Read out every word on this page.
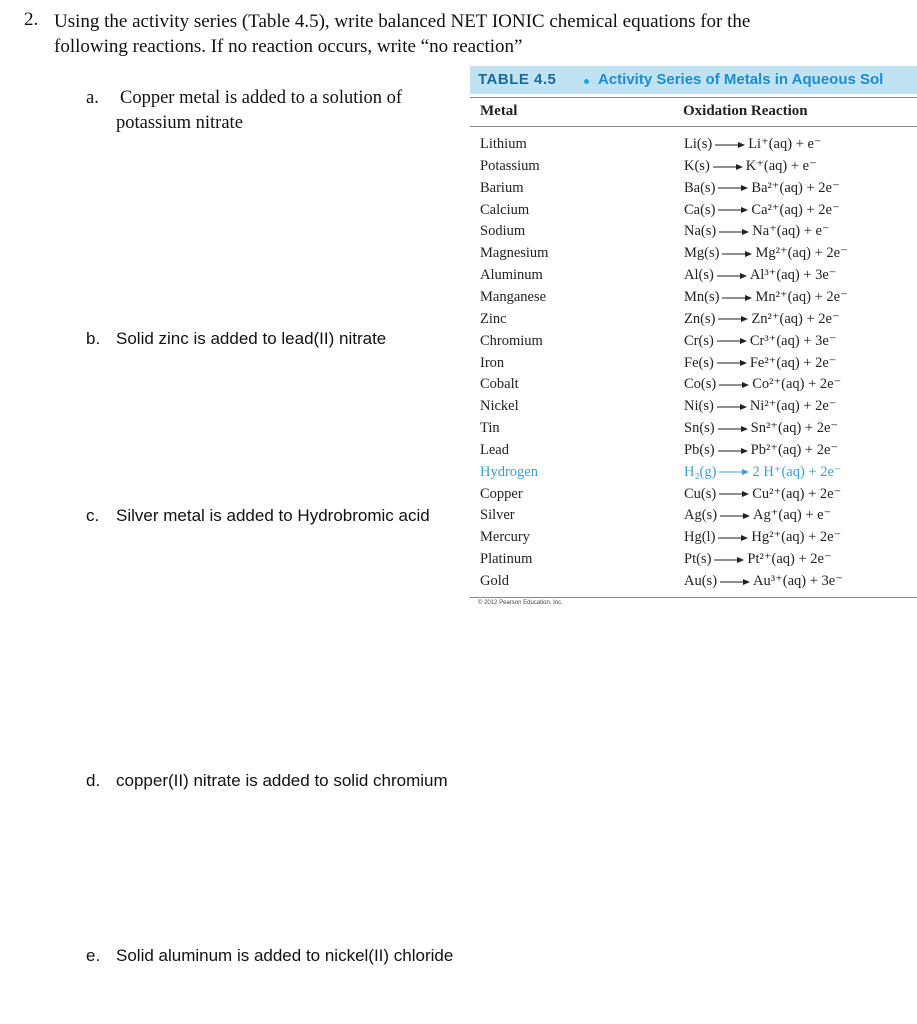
2. Using the activity series (Table 4.5), write balanced NET IONIC chemical equations for the following reactions. If no reaction occurs, write “no reaction”
a. Copper metal is added to a solution of
potassium nitrate
b. Solid zinc is added to lead(II) nitrate
c. Silver metal is added to Hydrobromic acid
d. copper(II) nitrate is added to solid chromium
e. Solid aluminum is added to nickel(II) chloride
TABLE 4.5	Activity Series of Metals in Aqueous Sol
Metal	Oxidation Reaction
Lithium	Li(s) Li⁺(aq) + e⁻
Potassium	K(s) K⁺(aq) + e⁻
Barium	Ba(s) Ba²⁺(aq) + 2e⁻
Calcium	Ca(s) Ca²⁺(aq) + 2e⁻
Sodium	Na(s) Na⁺(aq) + e⁻
Magnesium	Mg(s) Mg²⁺(aq) + 2e⁻
Aluminum	Al(s) Al³⁺(aq) + 3e⁻
Manganese	Mn(s) Mn²⁺(aq) + 2e⁻
Zinc	Zn(s) Zn²⁺(aq) + 2e⁻
Chromium	Cr(s) Cr³⁺(aq) + 3e⁻
Iron	Fe(s) Fe²⁺(aq) + 2e⁻
Cobalt	Co(s) Co²⁺(aq) + 2e⁻
Nickel	Ni(s) Ni²⁺(aq) + 2e⁻
Tin	Sn(s) Sn²⁺(aq) + 2e⁻
Lead	Pb(s) Pb²⁺(aq) + 2e⁻
Hydrogen	H₂(g) 2 H⁺(aq) + 2e⁻
Copper	Cu(s) Cu²⁺(aq) + 2e⁻
Silver	Ag(s) Ag⁺(aq) + e⁻
Mercury	Hg(l) Hg²⁺(aq) + 2e⁻
Platinum	Pt(s) Pt²⁺(aq) + 2e⁻
Gold	Au(s) Au³⁺(aq) + 3e⁻
© 2012 Pearson Education, Inc.
